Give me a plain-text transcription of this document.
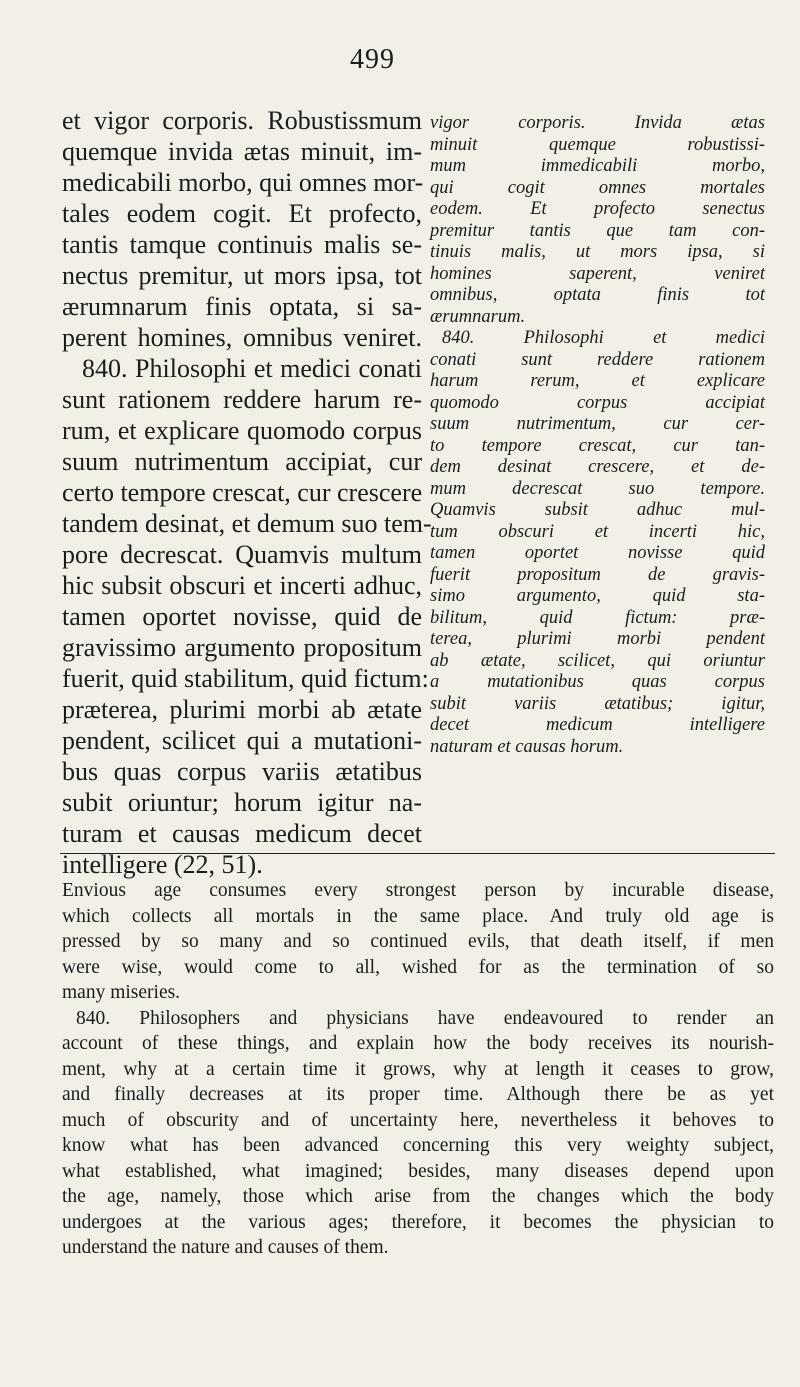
499
et vigor corporis. Robustissmum
quemque invida ætas minuit, im-
medicabili morbo, qui omnes mor-
tales eodem cogit. Et profecto,
tantis tamque continuis malis se-
nectus premitur, ut mors ipsa, tot
ærumnarum finis optata, si sa-
perent homines, omnibus veniret.
840. Philosophi et medici conati
sunt rationem reddere harum re-
rum, et explicare quomodo corpus
suum nutrimentum accipiat, cur
certo tempore crescat, cur crescere
tandem desinat, et demum suo tem-
pore decrescat. Quamvis multum
hic subsit obscuri et incerti adhuc,
tamen oportet novisse, quid de
gravissimo argumento propositum
fuerit, quid stabilitum, quid fictum:
præterea, plurimi morbi ab ætate
pendent, scilicet qui a mutationi-
bus quas corpus variis ætatibus
subit oriuntur; horum igitur na-
turam et causas medicum decet
intelligere (22, 51).
vigor corporis. Invida ætas
minuit quemque robustissi-
mum immedicabili morbo,
qui cogit omnes mortales
eodem. Et profecto senectus
premitur tantis que tam con-
tinuis malis, ut mors ipsa, si
homines saperent, veniret
omnibus, optata finis tot
ærumnarum.
840. Philosophi et medici
conati sunt reddere rationem
harum rerum, et explicare
quomodo corpus accipiat
suum nutrimentum, cur cer-
to tempore crescat, cur tan-
dem desinat crescere, et de-
mum decrescat suo tempore.
Quamvis subsit adhuc mul-
tum obscuri et incerti hic,
tamen oportet novisse quid
fuerit propositum de gravis-
simo argumento, quid sta-
bilitum, quid fictum: præ-
terea, plurimi morbi pendent
ab ætate, scilicet, qui oriuntur
a mutationibus quas corpus
subit variis ætatibus; igitur,
decet medicum intelligere
naturam et causas horum.
Envious age consumes every strongest person by incurable disease,
which collects all mortals in the same place. And truly old age is
pressed by so many and so continued evils, that death itself, if men
were wise, would come to all, wished for as the termination of so
many miseries.
840. Philosophers and physicians have endeavoured to render an
account of these things, and explain how the body receives its nourish-
ment, why at a certain time it grows, why at length it ceases to grow,
and finally decreases at its proper time. Although there be as yet
much of obscurity and of uncertainty here, nevertheless it behoves to
know what has been advanced concerning this very weighty subject,
what established, what imagined; besides, many diseases depend upon
the age, namely, those which arise from the changes which the body
undergoes at the various ages; therefore, it becomes the physician to
understand the nature and causes of them.
